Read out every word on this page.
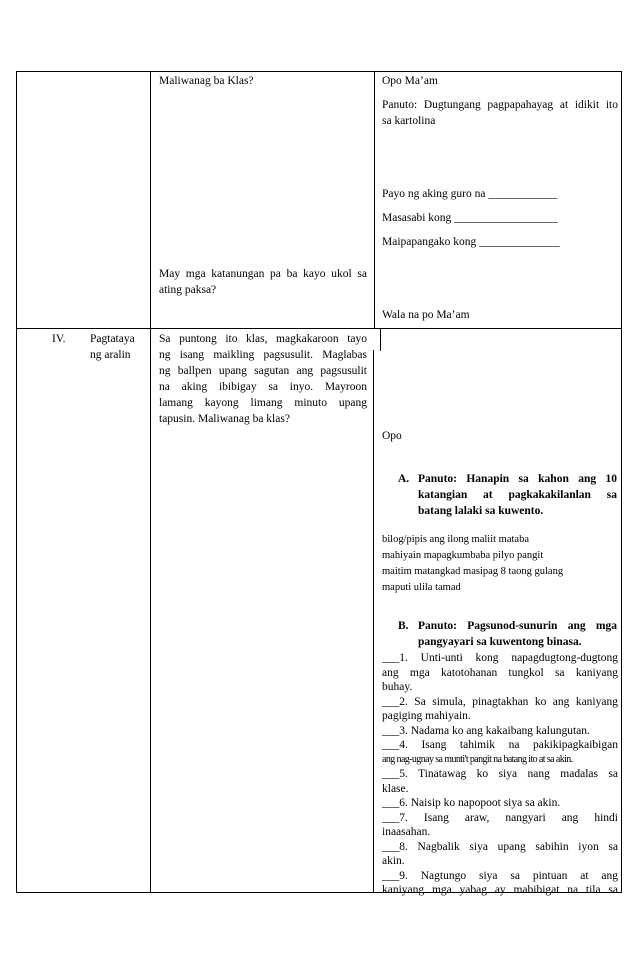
Maliwanag ba Klas?
May mga katanungan pa ba kayo ukol sa
ating paksa?
Opo Ma’am
Panuto: Dugtungang pagpapahayag at idikit ito
sa kartolina
Payo ng aking guro na ____________
Masasabi kong __________________
Maipapangako kong ______________
Wala na po Ma’am
IV. Pagtataya
ng aralin
Sa puntong ito klas, magkakaroon tayo
ng isang maikling pagsusulit. Maglabas
ng ballpen upang sagutan ang pagsusulit
na aking ibibigay sa inyo. Mayroon
lamang kayong limang minuto upang
tapusin. Maliwanag ba klas?
Opo
A. Panuto: Hanapin sa kahon ang 10
katangian at pagkakakilanlan sa
batang lalaki sa kuwento.
bilog/pipis ang ilong maliit mataba
mahiyain mapagkumbaba pilyo pangit
maitim matangkad masipag 8 taong gulang
maputi ulila tamad
B. Panuto: Pagsunod-sunurin ang mga
pangyayari sa kuwentong binasa.
___1. Unti-unti kong napagdugtong-dugtong
ang mga katotohanan tungkol sa kaniyang
buhay.
___2. Sa simula, pinagtakhan ko ang kaniyang
pagiging mahiyain.
___3. Nadama ko ang kakaibang kalungutan.
___4. Isang tahimik na pakikipagkaibigan
ang nag-ugnay sa munti't pangit na batang ito at sa akin.
___5. Tinatawag ko siya nang madalas sa
klase.
___6. Naisip ko napopoot siya sa akin.
___7. Isang araw, nangyari ang hindi
inaasahan.
___8. Nagbalik siya upang sabihin iyon sa
akin.
___9. Nagtungo siya sa pintuan at ang
kaniyang mga yabag ay mabibigat na tila sa
